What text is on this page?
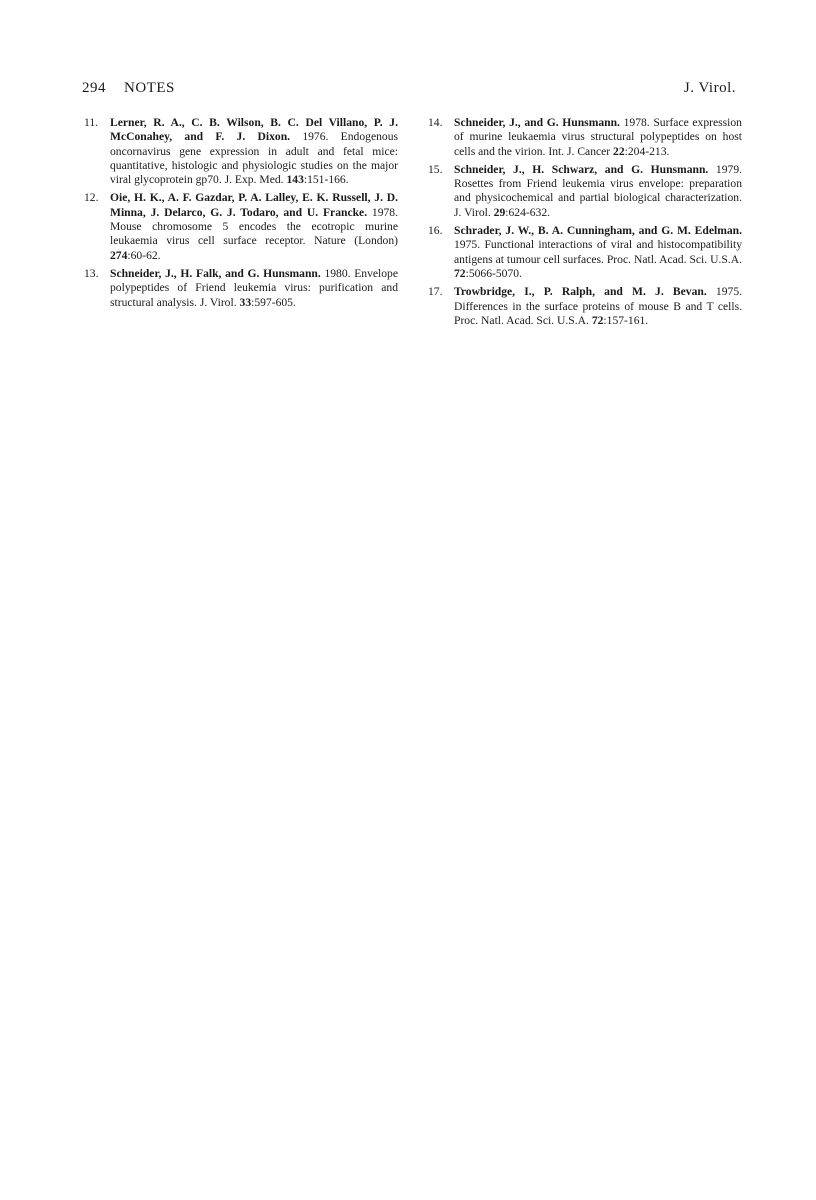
294 NOTES	J. Virol.
11. Lerner, R. A., C. B. Wilson, B. C. Del Villano, P. J. McConahey, and F. J. Dixon. 1976. Endogenous oncornavirus gene expression in adult and fetal mice: quantitative, histologic and physiologic studies on the major viral glycoprotein gp70. J. Exp. Med. 143:151-166.
12. Oie, H. K., A. F. Gazdar, P. A. Lalley, E. K. Russell, J. D. Minna, J. Delarco, G. J. Todaro, and U. Francke. 1978. Mouse chromosome 5 encodes the ecotropic murine leukaemia virus cell surface receptor. Nature (London) 274:60-62.
13. Schneider, J., H. Falk, and G. Hunsmann. 1980. Envelope polypeptides of Friend leukemia virus: purification and structural analysis. J. Virol. 33:597-605.
14. Schneider, J., and G. Hunsmann. 1978. Surface expression of murine leukaemia virus structural polypeptides on host cells and the virion. Int. J. Cancer 22:204-213.
15. Schneider, J., H. Schwarz, and G. Hunsmann. 1979. Rosettes from Friend leukemia virus envelope: preparation and physicochemical and partial biological characterization. J. Virol. 29:624-632.
16. Schrader, J. W., B. A. Cunningham, and G. M. Edelman. 1975. Functional interactions of viral and histocompatibility antigens at tumour cell surfaces. Proc. Natl. Acad. Sci. U.S.A. 72:5066-5070.
17. Trowbridge, I., P. Ralph, and M. J. Bevan. 1975. Differences in the surface proteins of mouse B and T cells. Proc. Natl. Acad. Sci. U.S.A. 72:157-161.
